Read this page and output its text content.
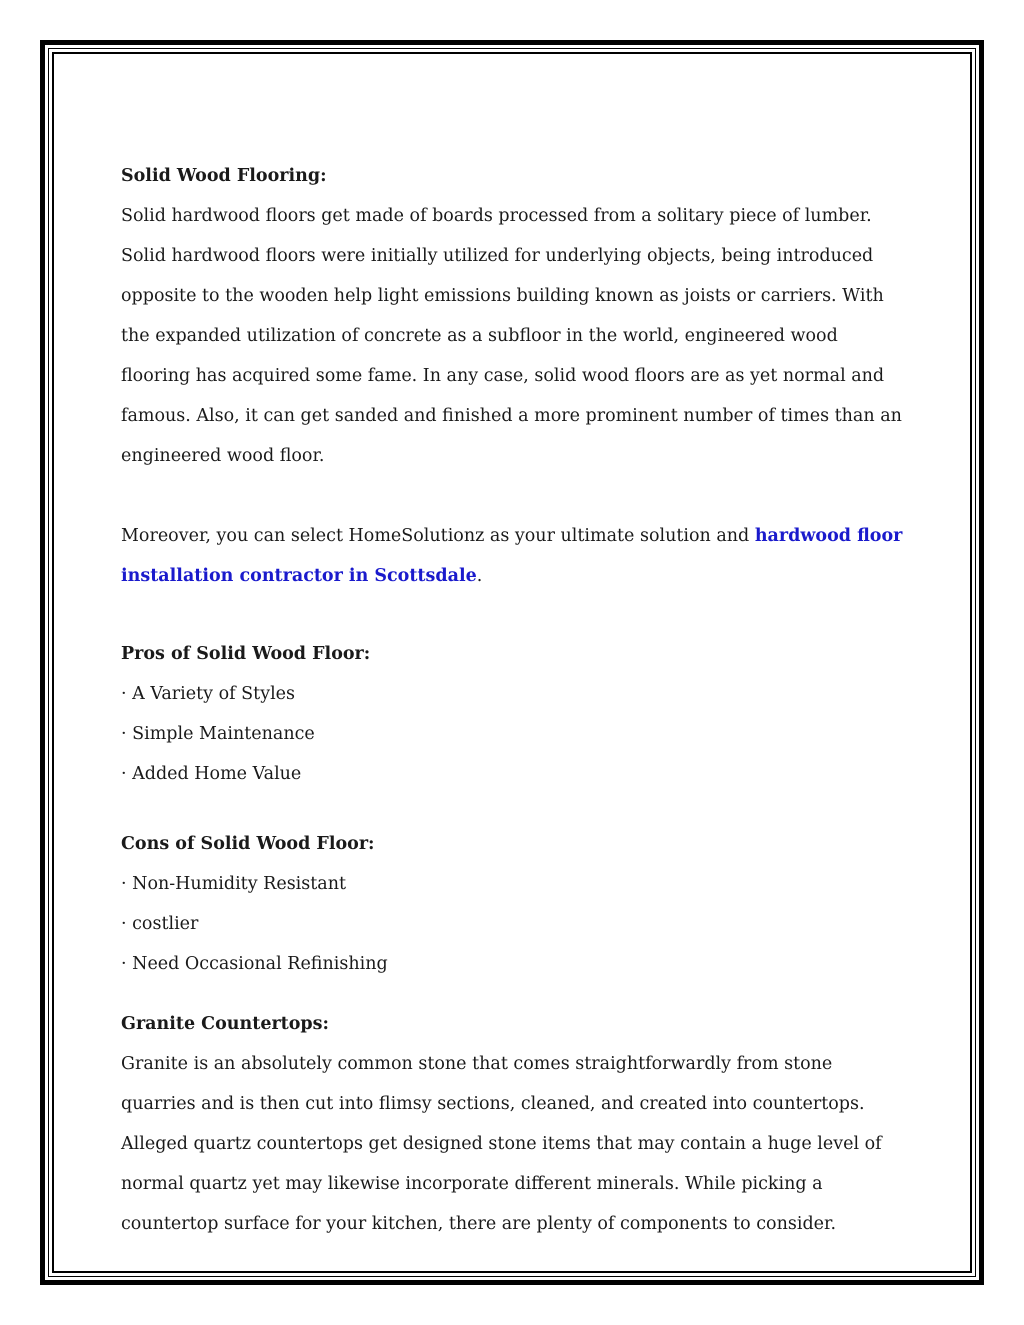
Solid Wood Flooring:

Solid hardwood floors get made of boards processed from a solitary piece of lumber. Solid hardwood floors were initially utilized for underlying objects, being introduced opposite to the wooden help light emissions building known as joists or carriers. With the expanded utilization of concrete as a subfloor in the world, engineered wood flooring has acquired some fame. In any case, solid wood floors are as yet normal and famous. Also, it can get sanded and finished a more prominent number of times than an engineered wood floor.

Moreover, you can select HomeSolutionz as your ultimate solution and hardwood floor installation contractor in Scottsdale.

Pros of Solid Wood Floor:

· A Variety of Styles

· Simple Maintenance

· Added Home Value

Cons of Solid Wood Floor:

· Non-Humidity Resistant

· costlier

· Need Occasional Refinishing

Granite Countertops:

Granite is an absolutely common stone that comes straightforwardly from stone quarries and is then cut into flimsy sections, cleaned, and created into countertops. Alleged quartz countertops get designed stone items that may contain a huge level of normal quartz yet may likewise incorporate different minerals. While picking a countertop surface for your kitchen, there are plenty of components to consider.
